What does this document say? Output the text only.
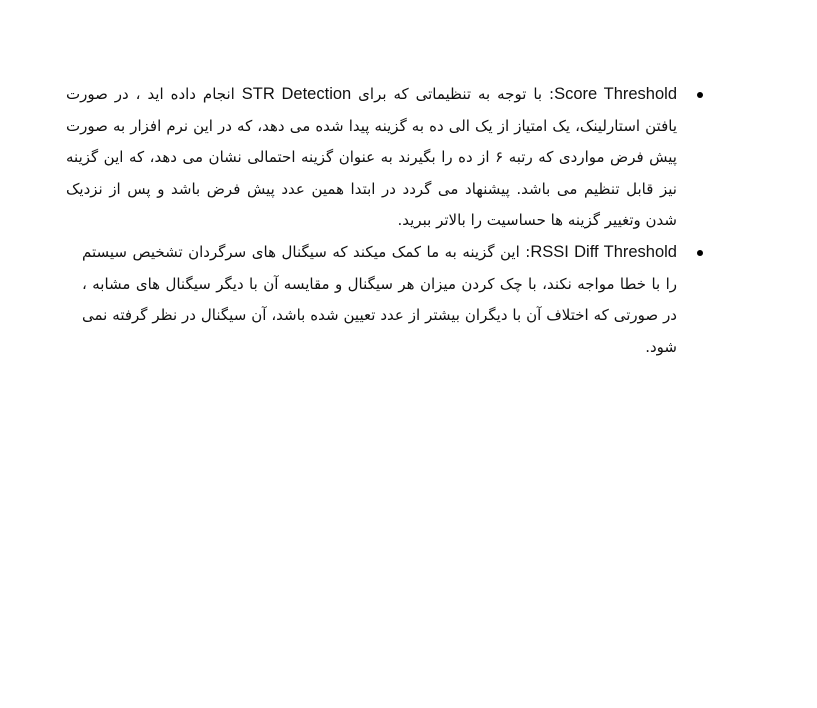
Score Threshold: با توجه به تنظیماتی که برای STR Detection انجام داده اید ، در صورت یافتن استارلینک، یک امتیاز از یک الی ده به گزینه پیدا شده می دهد، که در این نرم افزار به صورت پیش فرض مواردی که رتبه ۶ از ده را بگیرند به عنوان گزینه احتمالی نشان می دهد، که این گزینه نیز قابل تنظیم می باشد. پیشنهاد می گردد در ابتدا همین عدد پیش فرض باشد و پس از نزدیک شدن وتغییر گزینه ها حساسیت را بالاتر ببرید.
RSSI Diff Threshold: این گزینه به ما کمک میکند که سیگنال های سرگردان تشخیص سیستم را با خطا مواجه نکند، با چک کردن میزان هر سیگنال و مقایسه آن با دیگر سیگنال های مشابه ، در صورتی که اختلاف آن با دیگران بیشتر از عدد تعیین شده باشد، آن سیگنال در نظر گرفته نمی شود.
